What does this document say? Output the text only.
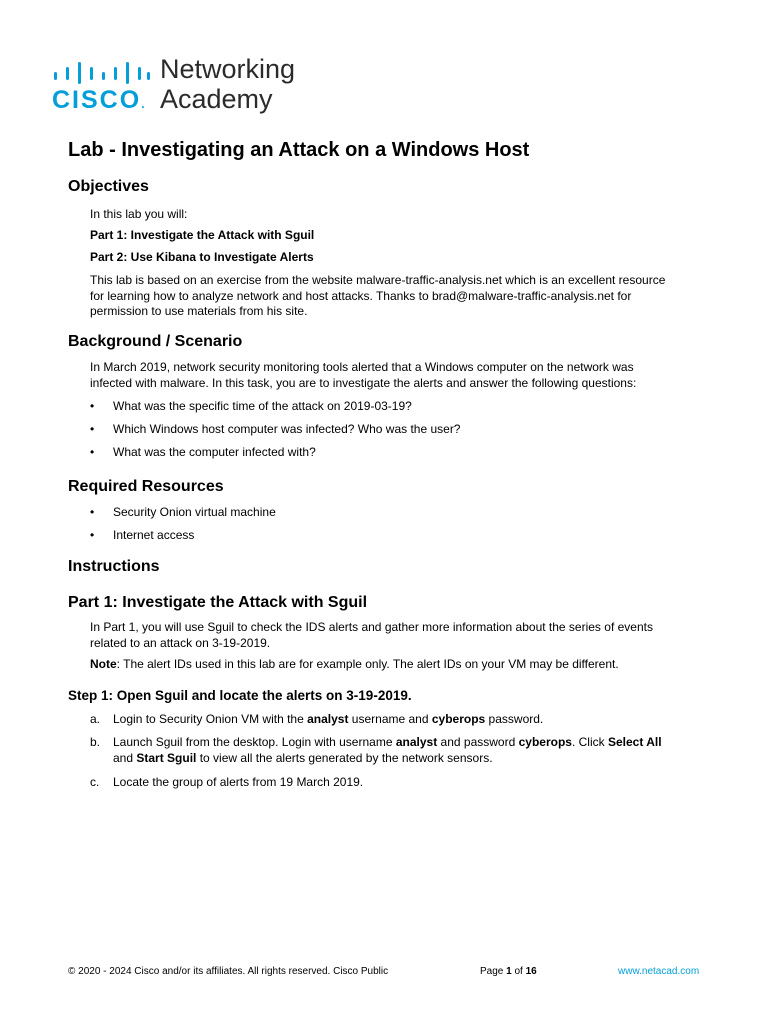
CISCO.
Networking
Academy
Lab - Investigating an Attack on a Windows Host
Objectives

In this lab you will:

Part 1: Investigate the Attack with Sguil

Part 2: Use Kibana to Investigate Alerts

This lab is based on an exercise from the website malware-traffic-analysis.net which is an excellent resource
for learning how to analyze network and host attacks. Thanks to brad@malware-traffic-analysis.net for
permission to use materials from his site.
Background / Scenario
In March 2019, network security monitoring tools alerted that a Windows computer on the network was
infected with malware. In this task, you are to investigate the alerts and answer the following questions:
•	What was the specific time of the attack on 2019-03-19?
•	Which Windows host computer was infected? Who was the user?
•	What was the computer infected with?
Required Resources
•	Security Onion virtual machine
•	Internet access
Instructions
Part 1: Investigate the Attack with Sguil
In Part 1, you will use Sguil to check the IDS alerts and gather more information about the series of events
related to an attack on 3-19-2019.

Note: The alert IDs used in this lab are for example only. The alert IDs on your VM may be different.

Step 1: Open Sguil and locate the alerts on 3-19-2019.
a.	Login to Security Onion VM with the analyst username and cyberops password.
b.	Launch Sguil from the desktop. Login with username analyst and password cyberops. Click Select All
and Start Sguil to view all the alerts generated by the network sensors.
c.	Locate the group of alerts from 19 March 2019.
© 2020 - 2024 Cisco and/or its affiliates. All rights reserved. Cisco Public	Page 1 of 16	www.netacad.com
